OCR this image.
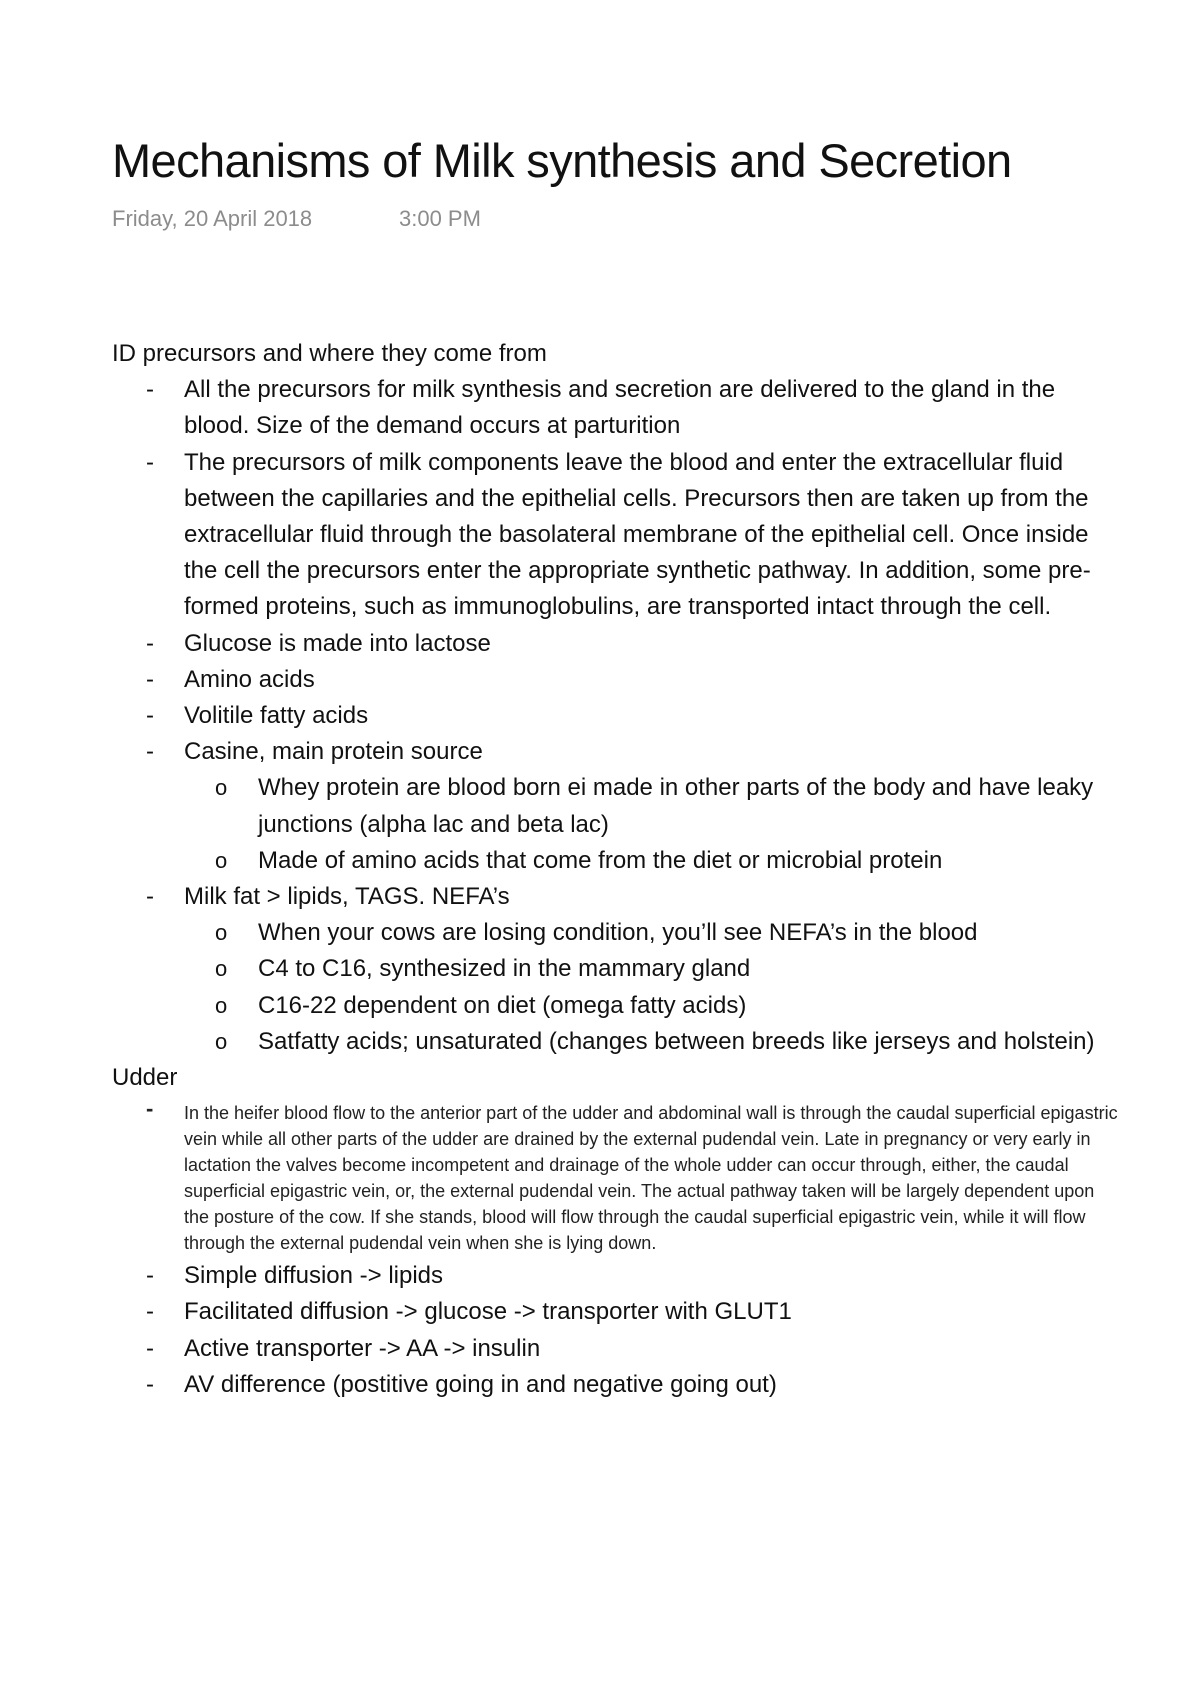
Mechanisms of Milk synthesis and Secretion
Friday, 20 April 2018	3:00 PM

ID precursors and where they come from

- All the precursors for milk synthesis and secretion are delivered to the gland in the blood. Size of the demand occurs at parturition
- The precursors of milk components leave the blood and enter the extracellular fluid between the capillaries and the epithelial cells. Precursors then are taken up from the extracellular fluid through the basolateral membrane of the epithelial cell. Once inside the cell the precursors enter the appropriate synthetic pathway. In addition, some pre-formed proteins, such as immunoglobulins, are transported intact through the cell.
- Glucose is made into lactose
- Amino acids
- Volitile fatty acids
- Casine, main protein source
o Whey protein are blood born ei made in other parts of the body and have leaky junctions (alpha lac and beta lac)
o Made of amino acids that come from the diet or microbial protein
- Milk fat > lipids, TAGS. NEFA’s
o When your cows are losing condition, you’ll see NEFA’s in the blood
o C4 to C16, synthesized in the mammary gland
o C16-22 dependent on diet (omega fatty acids)
o Satfatty acids; unsaturated (changes between breeds like jerseys and holstein)

Udder

- In the heifer blood flow to the anterior part of the udder and abdominal wall is through the caudal superficial epigastric vein while all other parts of the udder are drained by the external pudendal vein. Late in pregnancy or very early in lactation the valves become incompetent and drainage of the whole udder can occur through, either, the caudal superficial epigastric vein, or, the external pudendal vein. The actual pathway taken will be largely dependent upon the posture of the cow. If she stands, blood will flow through the caudal superficial epigastric vein, while it will flow through the external pudendal vein when she is lying down.
- Simple diffusion -> lipids
- Facilitated diffusion -> glucose -> transporter with GLUT1
- Active transporter -> AA -> insulin
- AV difference (postitive going in and negative going out)
